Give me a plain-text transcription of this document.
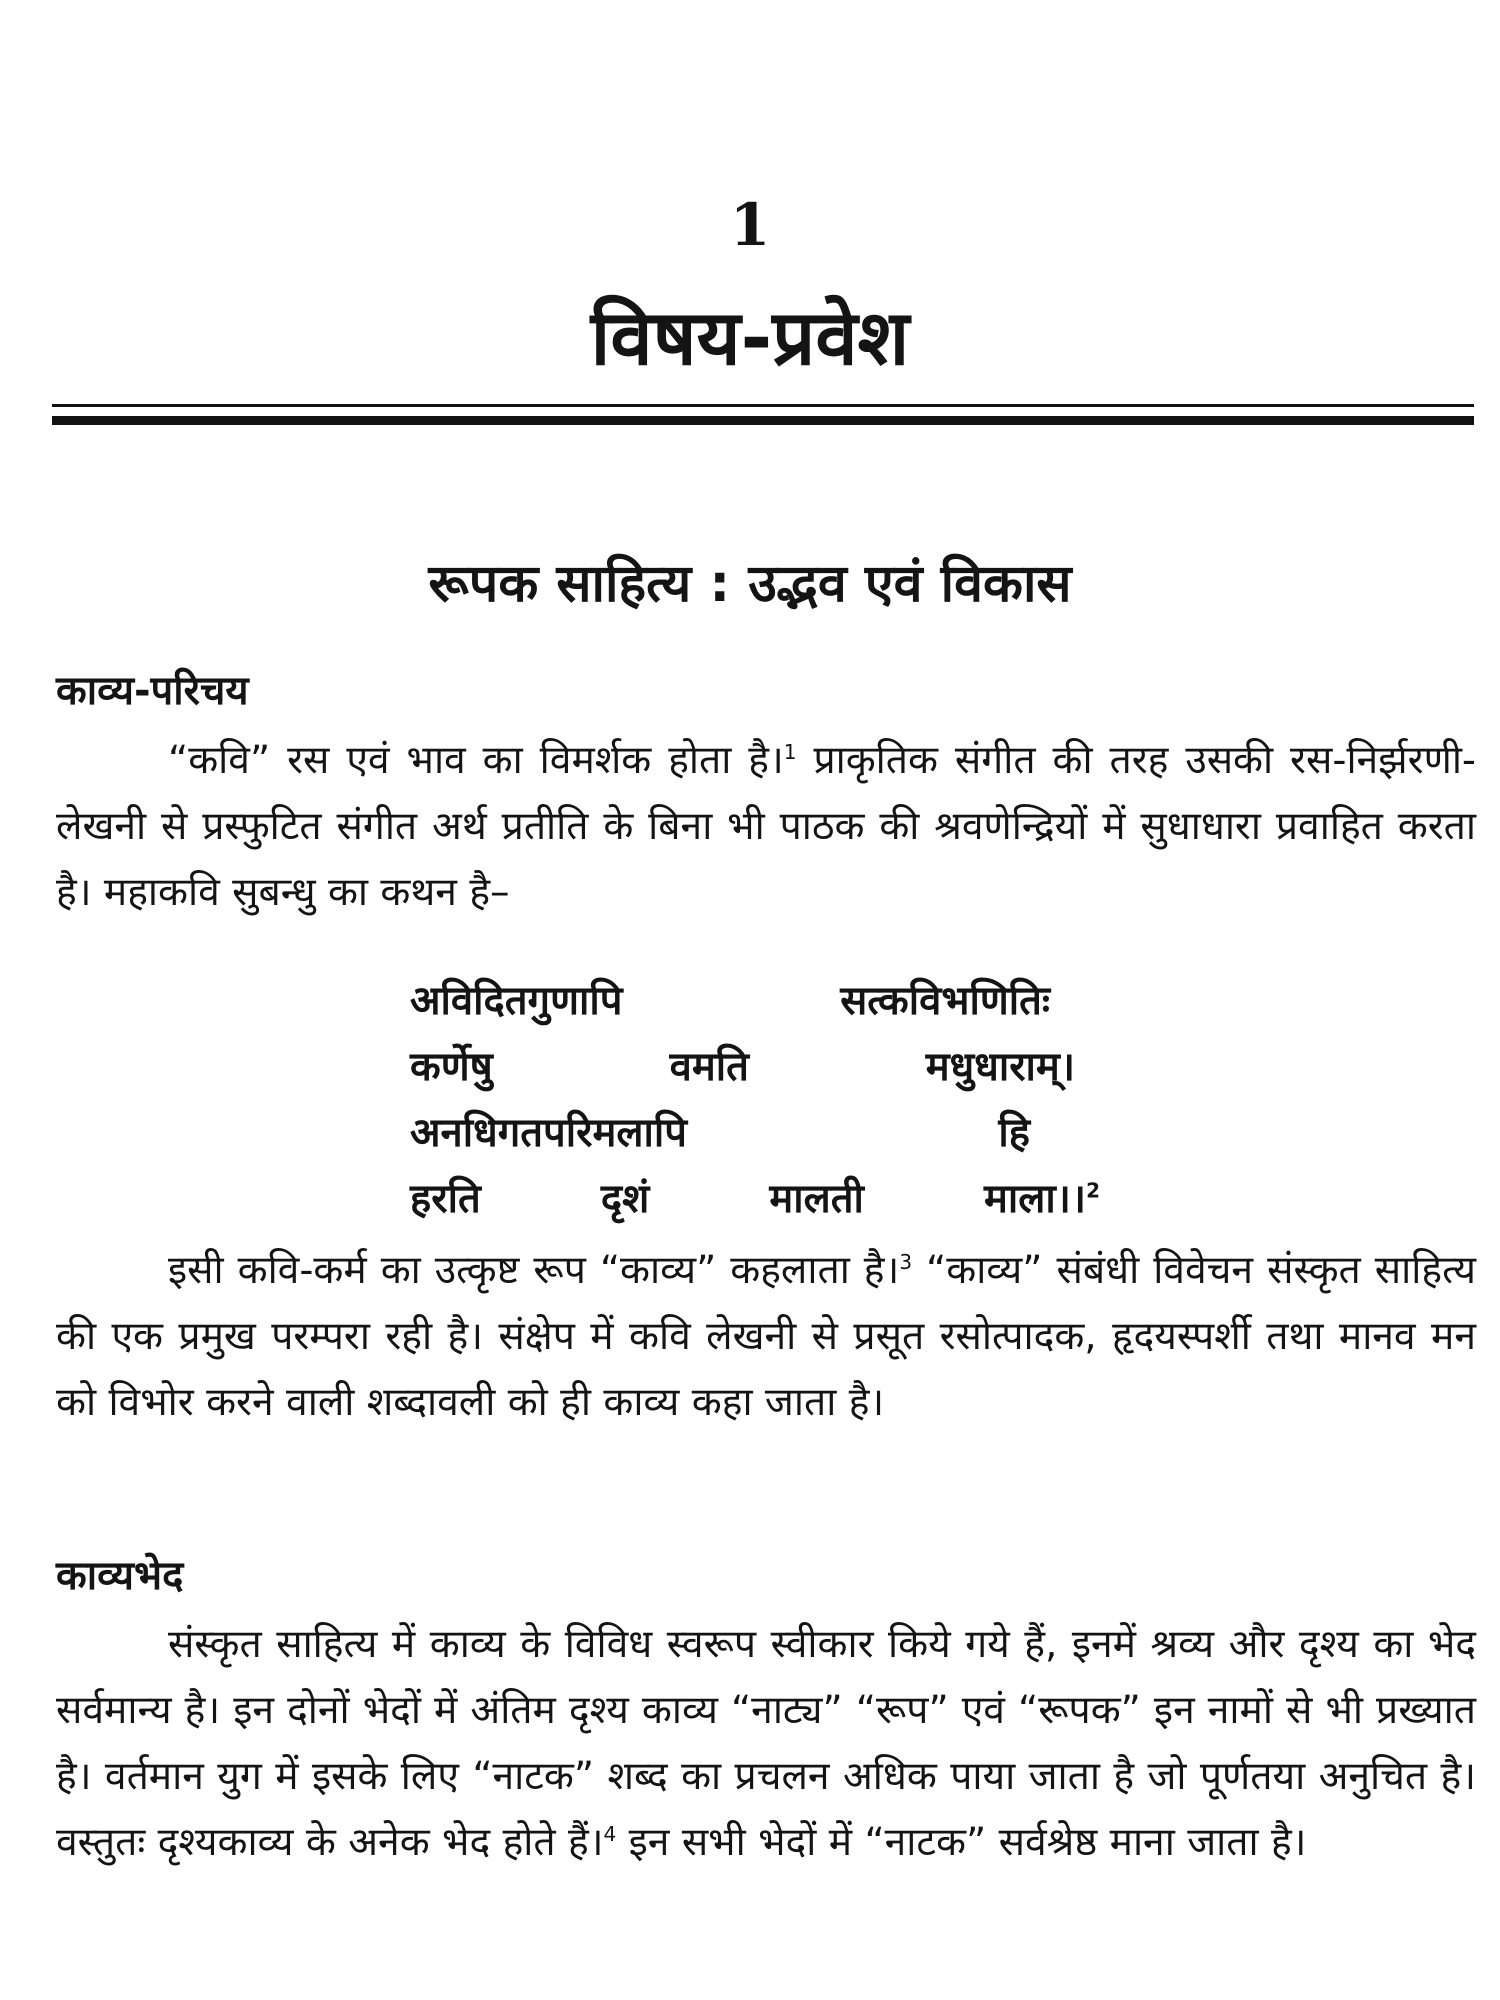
1
विषय-प्रवेश
रूपक साहित्य : उद्भव एवं विकास
काव्य-परिचय

“कवि” रस एवं भाव का विमर्शक होता है।$^1$ प्राकृतिक संगीत की तरह उसकी रस-निर्झरणी-लेखनी से प्रस्फुटित संगीत अर्थ प्रतीति के बिना भी पाठक की श्रवणेन्द्रियों में सुधाधारा प्रवाहित करता है। महाकवि सुबन्धु का कथन है–

अविदितगुणापि	सत्कविभणितिः
कर्णेषु	वमति	मधुधाराम्।
अनधिगतपरिमलापि	हि
हरति	दृशं	मालती	माला।।$^2$

इसी कवि-कर्म का उत्कृष्ट रूप “काव्य” कहलाता है।$^3$ “काव्य” संबंधी विवेचन संस्कृत साहित्य की एक प्रमुख परम्परा रही है। संक्षेप में कवि लेखनी से प्रसूत रसोत्पादक, हृदयस्पर्शी तथा मानव मन को विभोर करने वाली शब्दावली को ही काव्य कहा जाता है।

काव्यभेद

संस्कृत साहित्य में काव्य के विविध स्वरूप स्वीकार किये गये हैं, इनमें श्रव्य और दृश्य का भेद सर्वमान्य है। इन दोनों भेदों में अंतिम दृश्य काव्य “नाट्य” “रूप” एवं “रूपक” इन नामों से भी प्रख्यात है। वर्तमान युग में इसके लिए “नाटक” शब्द का प्रचलन अधिक पाया जाता है जो पूर्णतया अनुचित है। वस्तुतः दृश्यकाव्य के अनेक भेद होते हैं।$^4$ इन सभी भेदों में “नाटक” सर्वश्रेष्ठ माना जाता है।
